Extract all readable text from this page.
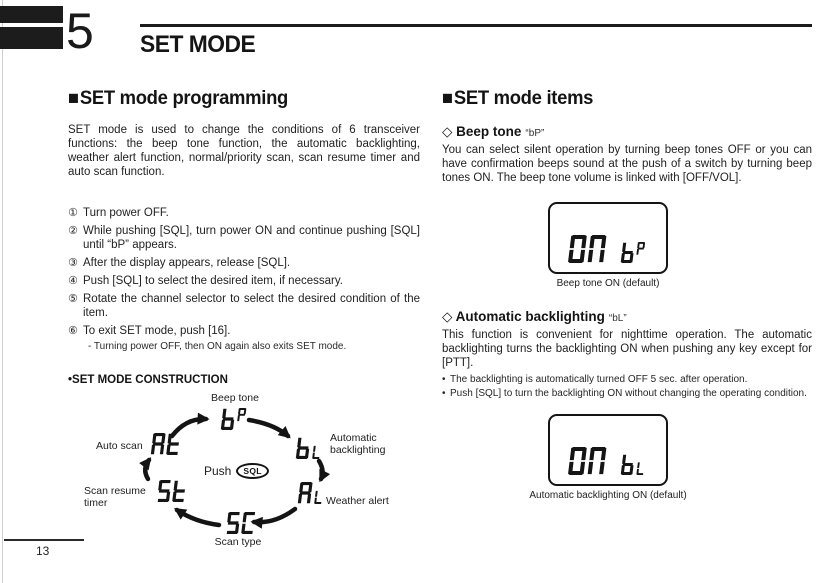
5 SET MODE
■SET mode programming

SET mode is used to change the conditions of 6 transceiver functions: the beep tone function, the automatic backlighting, weather alert function, normal/priority scan, scan resume timer and auto scan function.

① Turn power OFF.
② While pushing [SQL], turn power ON and continue pushing [SQL] until “bP” appears.
③ After the display appears, release [SQL].
④ Push [SQL] to select the desired item, if necessary.
⑤ Rotate the channel selector to select the desired condition of the item.
⑥ To exit SET mode, push [16].
- Turning power OFF, then ON again also exits SET mode.
•SET MODE CONSTRUCTION
Beep tone
Automatic backlighting
Weather alert
Scan type
Scan resume timer
Auto scan
Push	SQL
■SET mode items
◇ Beep tone “bP”

You can select silent operation by turning beep tones OFF or you can have confirmation beeps sound at the push of a switch by turning beep tones ON. The beep tone volume is linked with [OFF/VOL].

Beep tone ON (default)
◇ Automatic backlighting “bL”

This function is convenient for nighttime operation. The automatic backlighting turns the backlighting ON when pushing any key except for [PTT].

• The backlighting is automatically turned OFF 5 sec. after operation.
• Push [SQL] to turn the backlighting ON without changing the operating condition.
Automatic backlighting ON (default)
13
